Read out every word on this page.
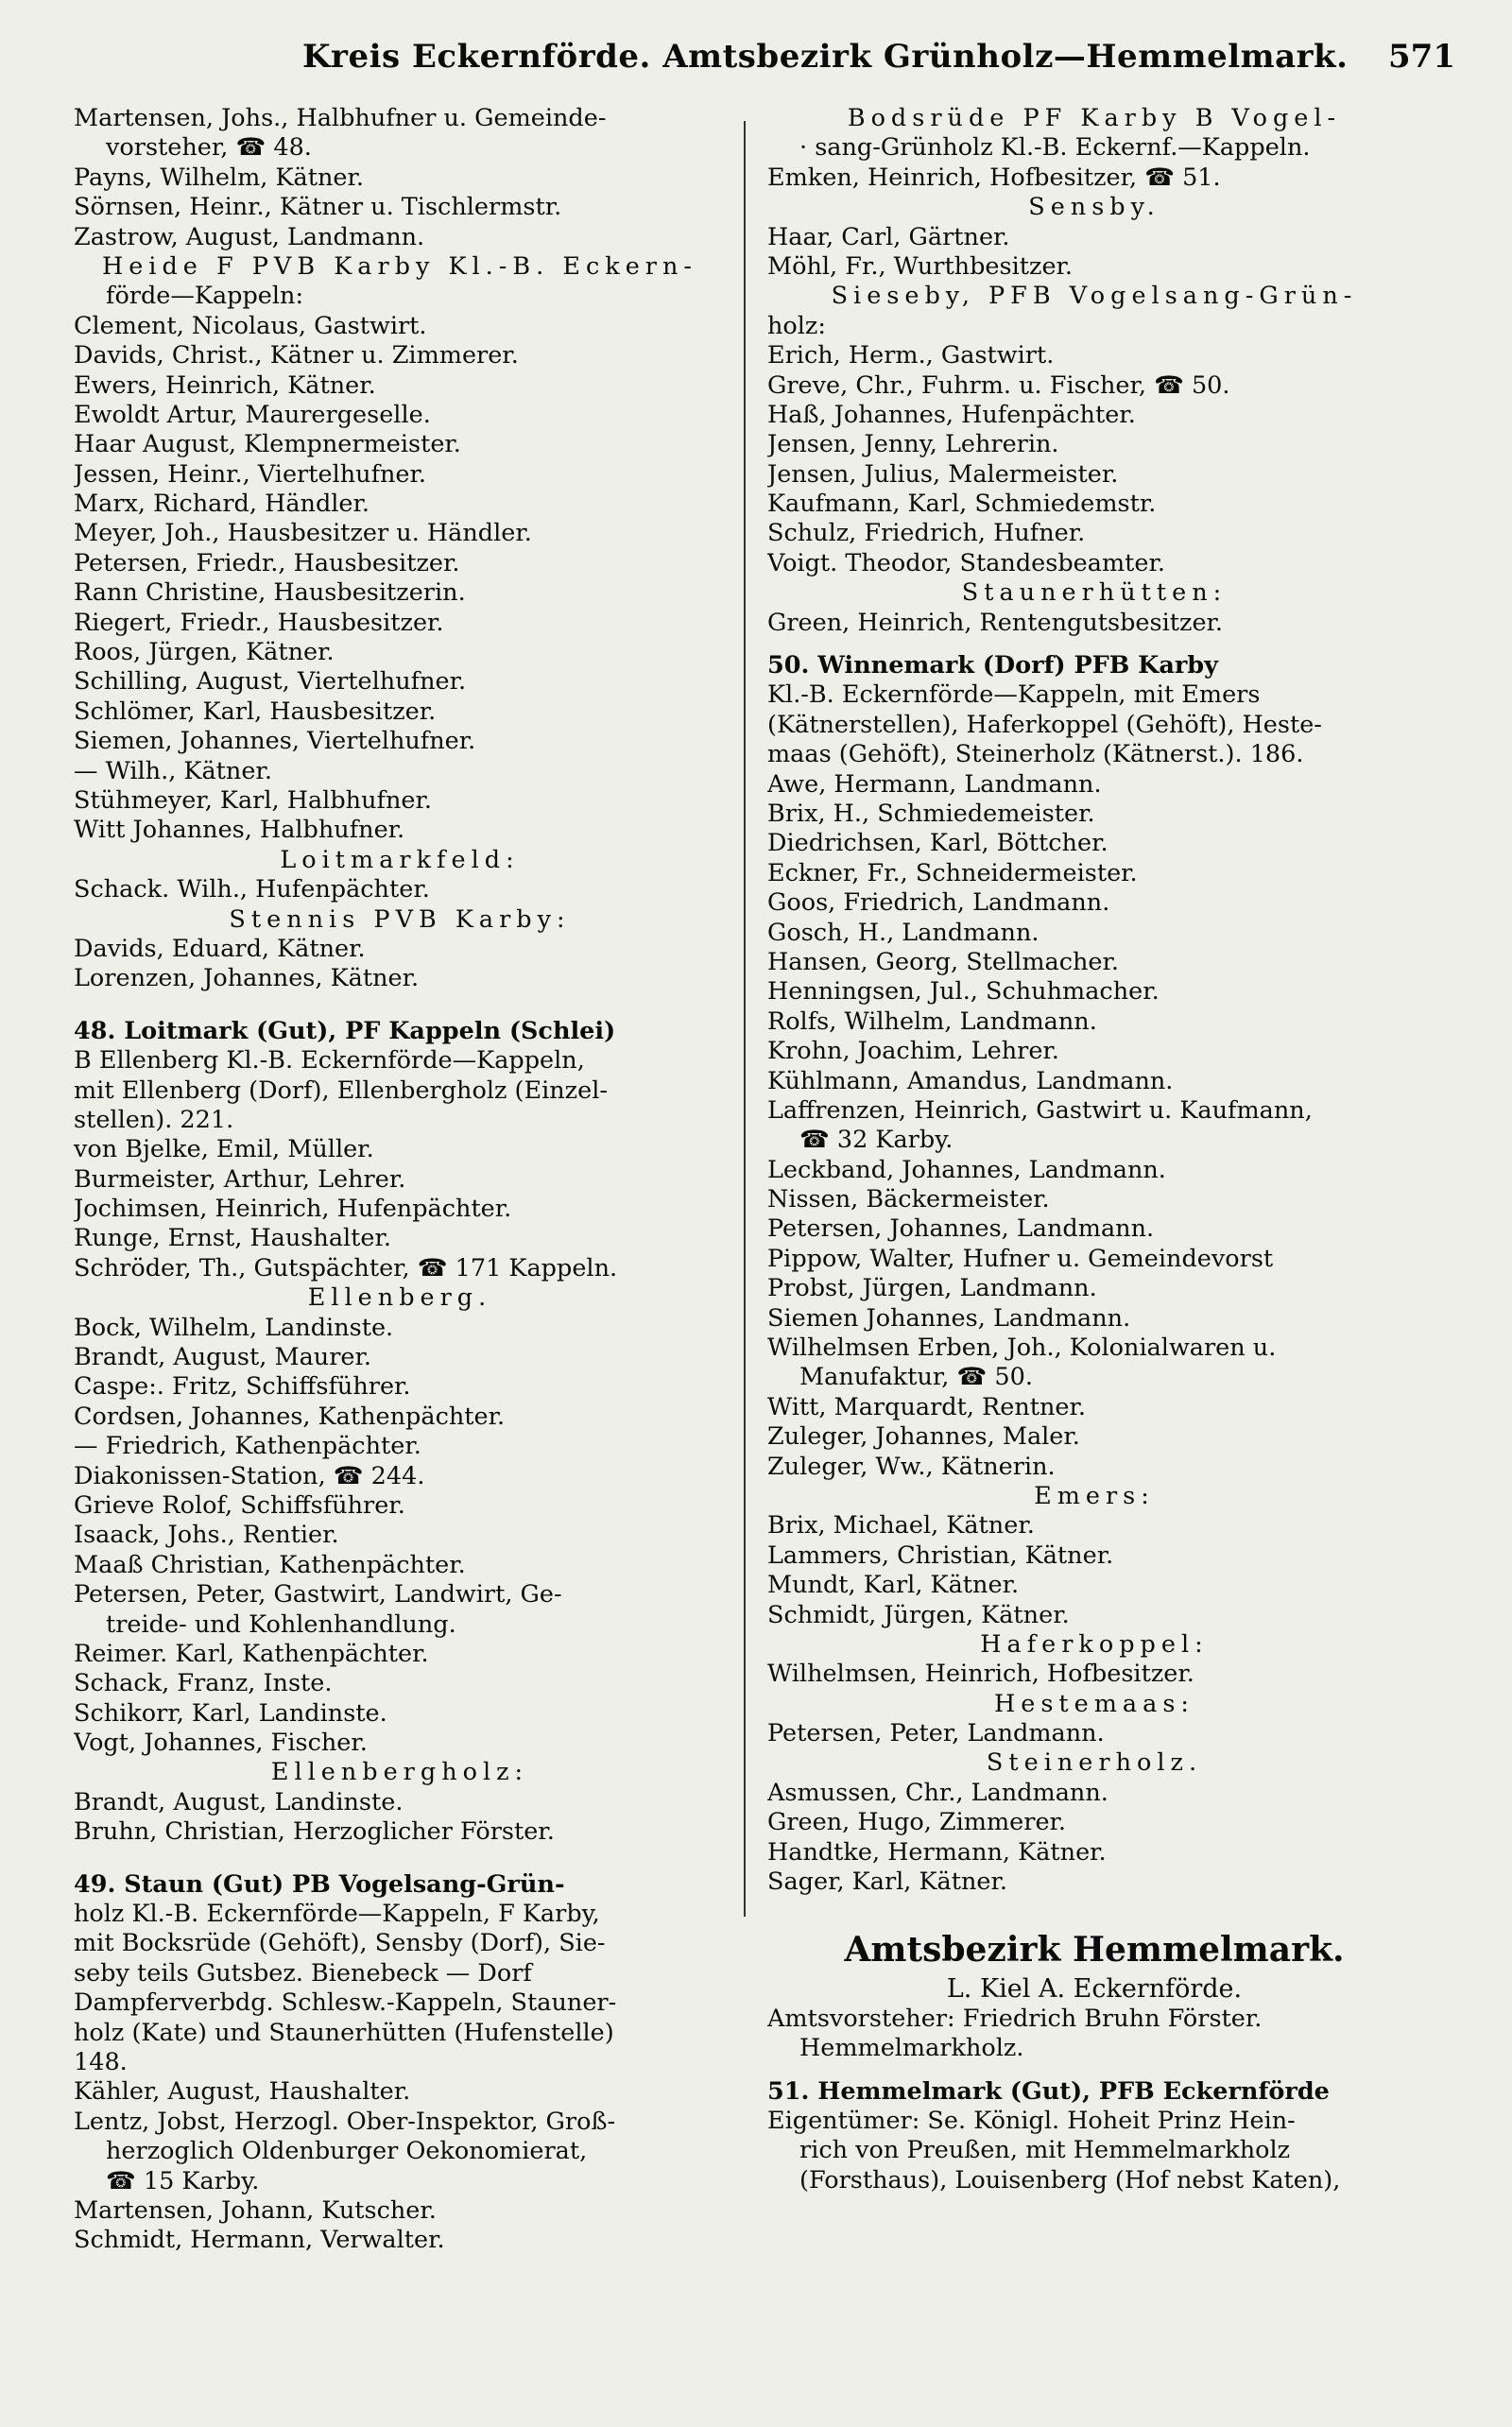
Kreis Eckernförde. Amtsbezirk Grünholz—Hemmelmark. 571
Martensen, Johs., Halbhufner u. Gemeinde-
vorsteher, ☎ 48.
Payns, Wilhelm, Kätner.
Sörnsen, Heinr., Kätner u. Tischlermstr.
Zastrow, August, Landmann.
Heide F PVB Karby Kl.-B. Eckern-
förde—Kappeln:
Clement, Nicolaus, Gastwirt.
Davids, Christ., Kätner u. Zimmerer.
Ewers, Heinrich, Kätner.
Ewoldt Artur, Maurergeselle.
Haar August, Klempnermeister.
Jessen, Heinr., Viertelhufner.
Marx, Richard, Händler.
Meyer, Joh., Hausbesitzer u. Händler.
Petersen, Friedr., Hausbesitzer.
Rann Christine, Hausbesitzerin.
Riegert, Friedr., Hausbesitzer.
Roos, Jürgen, Kätner.
Schilling, August, Viertelhufner.
Schlömer, Karl, Hausbesitzer.
Siemen, Johannes, Viertelhufner.
— Wilh., Kätner.
Stühmeyer, Karl, Halbhufner.
Witt Johannes, Halbhufner.
Loitmarkfeld:
Schack. Wilh., Hufenpächter.
Stennis PVB Karby:
Davids, Eduard, Kätner.
Lorenzen, Johannes, Kätner.
48. Loitmark (Gut), PF Kappeln (Schlei)
B Ellenberg Kl.-B. Eckernförde—Kappeln,
mit Ellenberg (Dorf), Ellenbergholz (Einzel-
stellen). 221.
von Bjelke, Emil, Müller.
Burmeister, Arthur, Lehrer.
Jochimsen, Heinrich, Hufenpächter.
Runge, Ernst, Haushalter.
Schröder, Th., Gutspächter, ☎ 171 Kappeln.
Ellenberg.
Bock, Wilhelm, Landinste.
Brandt, August, Maurer.
Caspe:. Fritz, Schiffsführer.
Cordsen, Johannes, Kathenpächter.
— Friedrich, Kathenpächter.
Diakonissen-Station, ☎ 244.
Grieve Rolof, Schiffsführer.
Isaack, Johs., Rentier.
Maaß Christian, Kathenpächter.
Petersen, Peter, Gastwirt, Landwirt, Ge-
treide- und Kohlenhandlung.
Reimer. Karl, Kathenpächter.
Schack, Franz, Inste.
Schikorr, Karl, Landinste.
Vogt, Johannes, Fischer.
Ellenbergholz:
Brandt, August, Landinste.
Bruhn, Christian, Herzoglicher Förster.
49. Staun (Gut) PB Vogelsang-Grün-
holz Kl.-B. Eckernförde—Kappeln, F Karby,
mit Bocksrüde (Gehöft), Sensby (Dorf), Sie-
seby teils Gutsbez. Bienebeck — Dorf
Dampferverbdg. Schlesw.-Kappeln, Stauner-
holz (Kate) und Staunerhütten (Hufenstelle)
148.
Kähler, August, Haushalter.
Lentz, Jobst, Herzogl. Ober-Inspektor, Groß-
herzoglich Oldenburger Oekonomierat,
☎ 15 Karby.
Martensen, Johann, Kutscher.
Schmidt, Hermann, Verwalter.
Bodsrüde PF Karby B Vogel-
· sang-Grünholz Kl.-B. Eckernf.—Kappeln.
Emken, Heinrich, Hofbesitzer, ☎ 51.
Sensby.
Haar, Carl, Gärtner.
Möhl, Fr., Wurthbesitzer.
Sieseby, PFB Vogelsang-Grün-
holz:
Erich, Herm., Gastwirt.
Greve, Chr., Fuhrm. u. Fischer, ☎ 50.
Haß, Johannes, Hufenpächter.
Jensen, Jenny, Lehrerin.
Jensen, Julius, Malermeister.
Kaufmann, Karl, Schmiedemstr.
Schulz, Friedrich, Hufner.
Voigt. Theodor, Standesbeamter.
Staunerhütten:
Green, Heinrich, Rentengutsbesitzer.
50. Winnemark (Dorf) PFB Karby
Kl.-B. Eckernförde—Kappeln, mit Emers
(Kätnerstellen), Haferkoppel (Gehöft), Heste-
maas (Gehöft), Steinerholz (Kätnerst.). 186.
Awe, Hermann, Landmann.
Brix, H., Schmiedemeister.
Diedrichsen, Karl, Böttcher.
Eckner, Fr., Schneidermeister.
Goos, Friedrich, Landmann.
Gosch, H., Landmann.
Hansen, Georg, Stellmacher.
Henningsen, Jul., Schuhmacher.
Rolfs, Wilhelm, Landmann.
Krohn, Joachim, Lehrer.
Kühlmann, Amandus, Landmann.
Laffrenzen, Heinrich, Gastwirt u. Kaufmann,
☎ 32 Karby.
Leckband, Johannes, Landmann.
Nissen, Bäckermeister.
Petersen, Johannes, Landmann.
Pippow, Walter, Hufner u. Gemeindevorst
Probst, Jürgen, Landmann.
Siemen Johannes, Landmann.
Wilhelmsen Erben, Joh., Kolonialwaren u.
Manufaktur, ☎ 50.
Witt, Marquardt, Rentner.
Zuleger, Johannes, Maler.
Zuleger, Ww., Kätnerin.
Emers:
Brix, Michael, Kätner.
Lammers, Christian, Kätner.
Mundt, Karl, Kätner.
Schmidt, Jürgen, Kätner.
Haferkoppel:
Wilhelmsen, Heinrich, Hofbesitzer.
Hestemaas:
Petersen, Peter, Landmann.
Steinerholz.
Asmussen, Chr., Landmann.
Green, Hugo, Zimmerer.
Handtke, Hermann, Kätner.
Sager, Karl, Kätner.
Amtsbezirk Hemmelmark.
L. Kiel A. Eckernförde.
Amtsvorsteher: Friedrich Bruhn Förster.
Hemmelmarkholz.
51. Hemmelmark (Gut), PFB Eckernförde
Eigentümer: Se. Königl. Hoheit Prinz Hein-
rich von Preußen, mit Hemmelmarkholz
(Forsthaus), Louisenberg (Hof nebst Katen),
